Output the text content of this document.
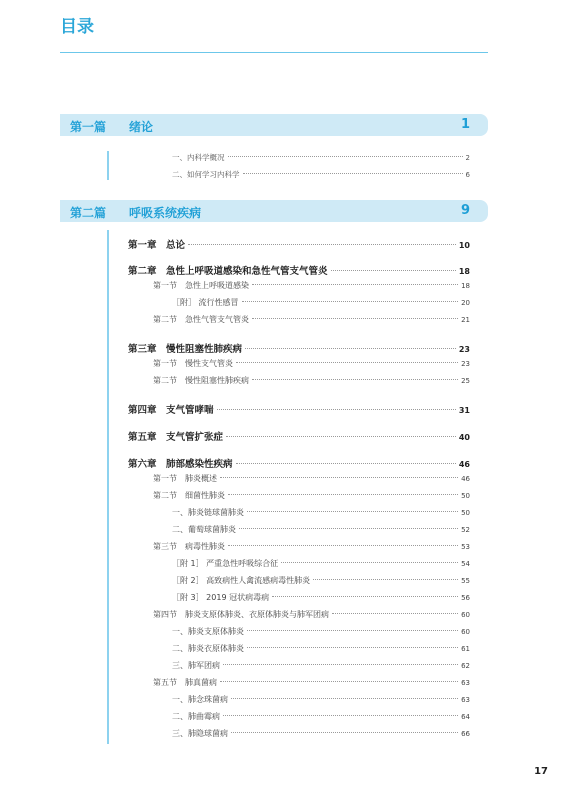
目录
第一篇 绪论	1
一、内科学概况	2
二、如何学习内科学	6
第二篇 呼吸系统疾病	9
第一章　总论	10
第二章　急性上呼吸道感染和急性气管支气管炎	18
第一节　急性上呼吸道感染	18
［附］ 流行性感冒	20
第二节　急性气管支气管炎	21
第三章　慢性阻塞性肺疾病	23
第一节　慢性支气管炎	23
第二节　慢性阻塞性肺疾病	25
第四章　支气管哮喘	31
第五章　支气管扩张症	40
第六章　肺部感染性疾病	46
第一节　肺炎概述	46
第二节　细菌性肺炎	50
一、肺炎链球菌肺炎	50
二、葡萄球菌肺炎	52
第三节　病毒性肺炎	53
［附 1］ 严重急性呼吸综合征	54
［附 2］ 高致病性人禽流感病毒性肺炎	55
［附 3］ 2019 冠状病毒病	56
第四节　肺炎支原体肺炎、衣原体肺炎与肺军团病	60
一、肺炎支原体肺炎	60
二、肺炎衣原体肺炎	61
三、肺军团病	62
第五节　肺真菌病	63
一、肺念珠菌病	63
二、肺曲霉病	64
三、肺隐球菌病	66
17
